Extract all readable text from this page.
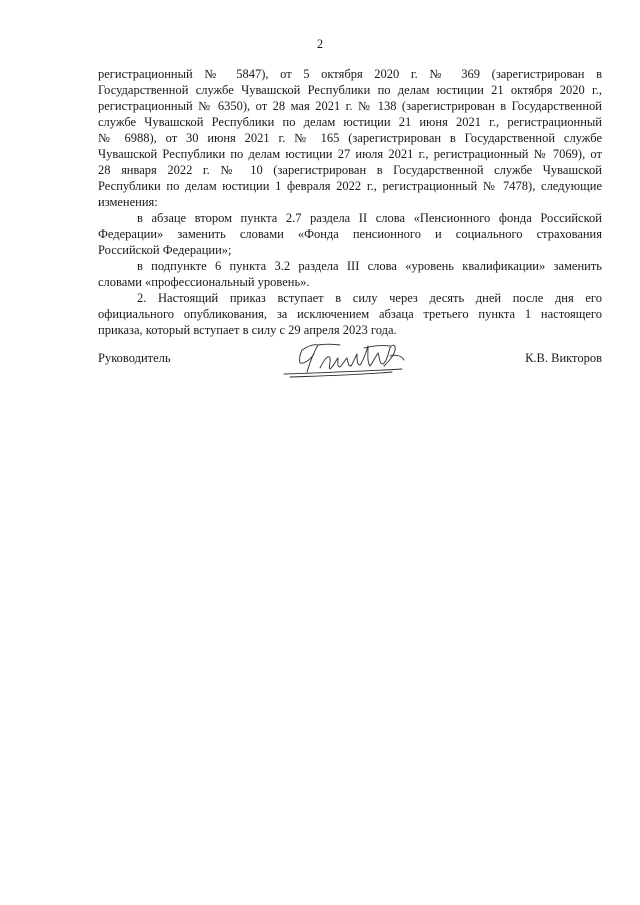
2
регистрационный № 5847), от 5 октября 2020 г. № 369 (зарегистрирован в
Государственной службе Чувашской Республики по делам юстиции 21 октября 2020 г.,
регистрационный № 6350), от 28 мая 2021 г. № 138 (зарегистрирован в Государственной
службе Чувашской Республики по делам юстиции 21 июня 2021 г., регистрационный
№ 6988), от 30 июня 2021 г. № 165 (зарегистрирован в Государственной службе
Чувашской Республики по делам юстиции 27 июля 2021 г., регистрационный № 7069), от
28 января 2022 г. № 10 (зарегистрирован в Государственной службе Чувашской
Республики по делам юстиции 1 февраля 2022 г., регистрационный № 7478), следующие
изменения:
в абзаце втором пункта 2.7 раздела II слова «Пенсионного фонда Российской
Федерации» заменить словами «Фонда пенсионного и социального страхования
Российской Федерации»;
в подпункте 6 пункта 3.2 раздела III слова «уровень квалификации» заменить
словами «профессиональный уровень».
2. Настоящий приказ вступает в силу через десять дней после дня его
официального опубликования, за исключением абзаца третьего пункта 1 настоящего
приказа, который вступает в силу с 29 апреля 2023 года.
Руководитель	К.В. Викторов
